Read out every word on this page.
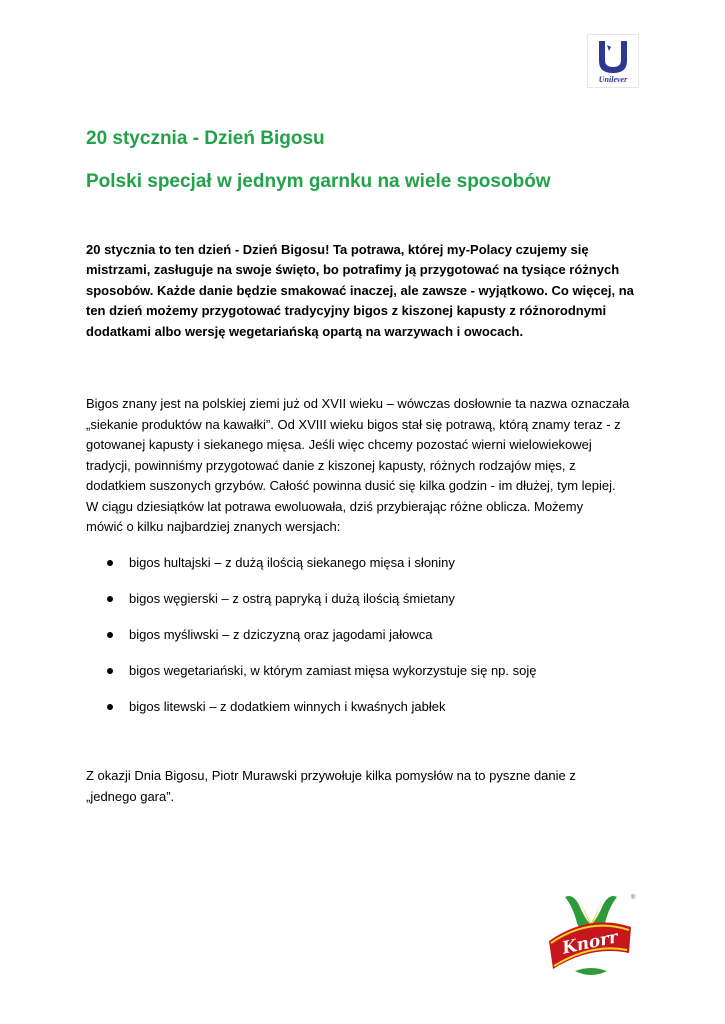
Unilever
20 stycznia - Dzień Bigosu
Polski specjał w jednym garnku na wiele sposobów
20 stycznia to ten dzień - Dzień Bigosu! Ta potrawa, której my-Polacy czujemy się
mistrzami, zasługuje na swoje święto, bo potrafimy ją przygotować na tysiące różnych
sposobów. Każde danie będzie smakować inaczej, ale zawsze - wyjątkowo. Co więcej, na
ten dzień możemy przygotować tradycyjny bigos z kiszonej kapusty z różnorodnymi
dodatkami albo wersję wegetariańską opartą na warzywach i owocach.
Bigos znany jest na polskiej ziemi już od XVII wieku – wówczas dosłownie ta nazwa oznaczała
„siekanie produktów na kawałki”. Od XVIII wieku bigos stał się potrawą, którą znamy teraz - z
gotowanej kapusty i siekanego mięsa. Jeśli więc chcemy pozostać wierni wielowiekowej
tradycji, powinniśmy przygotować danie z kiszonej kapusty, różnych rodzajów mięs, z
dodatkiem suszonych grzybów. Całość powinna dusić się kilka godzin - im dłużej, tym lepiej.
W ciągu dziesiątków lat potrawa ewoluowała, dziś przybierając różne oblicza. Możemy
mówić o kilku najbardziej znanych wersjach:
bigos hultajski – z dużą ilością siekanego mięsa i słoniny
bigos węgierski – z ostrą papryką i dużą ilością śmietany
bigos myśliwski – z dziczyzną oraz jagodami jałowca
bigos wegetariański, w którym zamiast mięsa wykorzystuje się np. soję
bigos litewski – z dodatkiem winnych i kwaśnych jabłek
Z okazji Dnia Bigosu, Piotr Murawski przywołuje kilka pomysłów na to pyszne danie z
„jednego gara”.
Knorr
®
